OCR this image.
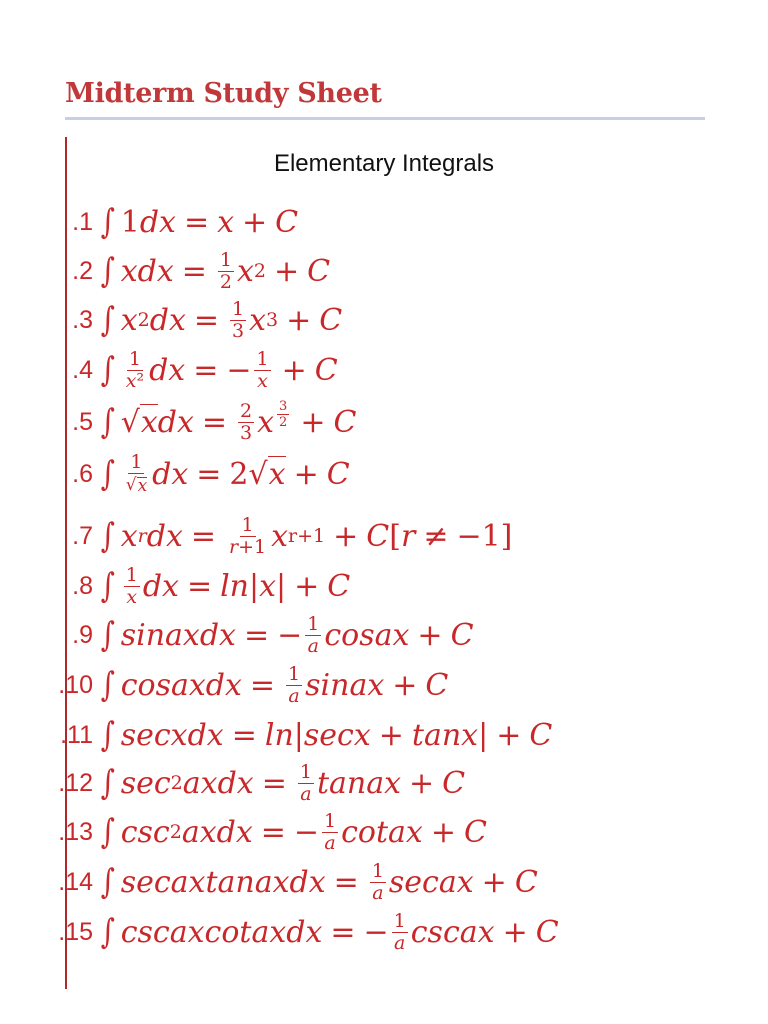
Midterm Study Sheet
Elementary Integrals
1. ∫ 1 dx = x + C
2. ∫ xdx = $\frac{1}{2}$ x 2 + C
3. ∫ x 2 dx = $\frac{1}{3}$ x 3 + C
4. ∫ $\frac{1}{\text{x²}}$ dx = − $\frac{1}{x} + C$
5. ∫ √ x dx = $\frac{2}{3}$ x $\frac{3}{2} + C$
6. ∫ $\frac{1}{√ x}$ dx = 2 √ x + C
7. ∫ x r dx = $\frac{1}{r+1}$ x r+1 + C [ r ≠ −1]
8. ∫ $\frac{1}{x}$ dx = ln | x | + C
9. ∫ sinaxdx = − $\frac{1}{a}$ cosax + C
10. ∫ cosaxdx = $\frac{1}{a}$ sinax + C
11. ∫ secxdx = ln | secx + tanx | + C
12. ∫ sec 2 axdx = $\frac{1}{a}$ tanax + C
13. ∫ csc 2 axdx = − $\frac{1}{a}$ cotax + C
14. ∫ secaxtanaxdx = $\frac{1}{a}$ secax + C
15. ∫ cscaxcotaxdx = − $\frac{1}{a}$ cscax + C
